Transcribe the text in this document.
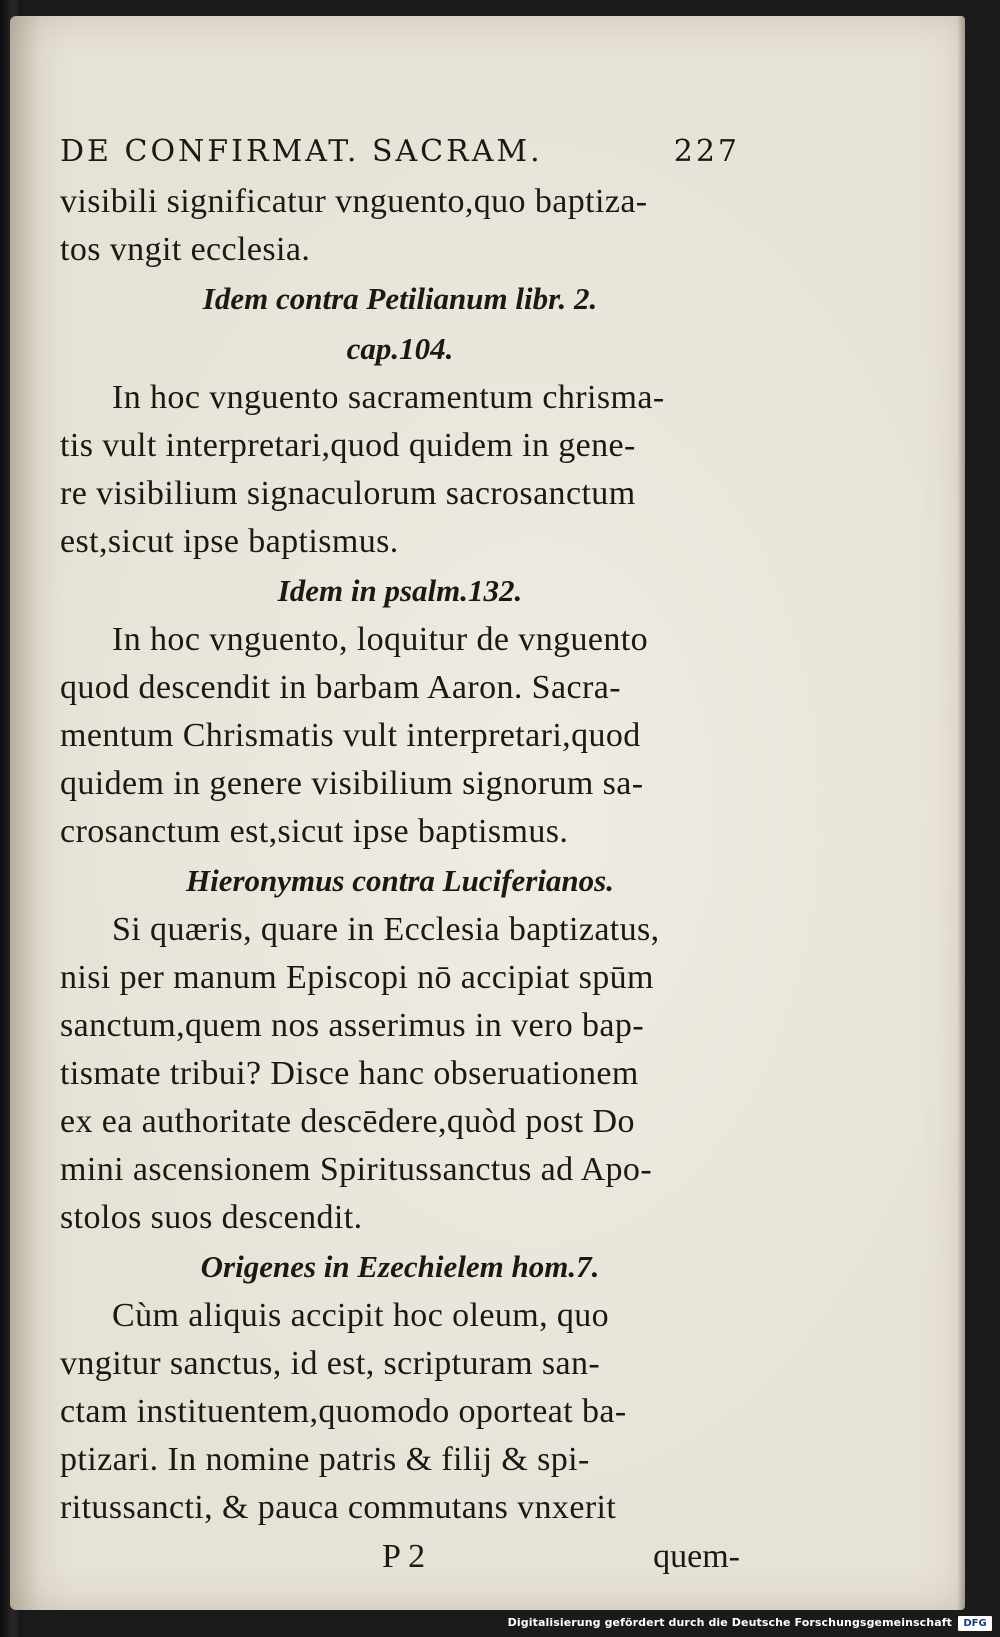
DE CONFIRMAT. SACRAM.	227
visibili significatur vnguento,quo baptiza-
tos vngit ecclesia.
Idem contra Petilianum libr. 2.
cap.104.
In hoc vnguento sacramentum chrisma-
tis vult interpretari,quod quidem in gene-
re visibilium signaculorum sacrosanctum
est,sicut ipse baptismus.
Idem in psalm.132.
In hoc vnguento, loquitur de vnguento
quod descendit in barbam Aaron. Sacra-
mentum Chrismatis vult interpretari,quod
quidem in genere visibilium signorum sa-
crosanctum est,sicut ipse baptismus.
Hieronymus contra Luciferianos.
Si quæris, quare in Ecclesia baptizatus,
nisi per manum Episcopi nō accipiat spūm
sanctum,quem nos asserimus in vero bap-
tismate tribui? Disce hanc obseruationem
ex ea authoritate descēdere,quòd post Do
mini ascensionem Spiritussanctus ad Apo-
stolos suos descendit.
Origenes in Ezechielem hom.7.
Cùm aliquis accipit hoc oleum, quo
vngitur sanctus, id est, scripturam san-
ctam instituentem,quomodo oporteat ba-
ptizari. In nomine patris & filij & spi-
ritussancti, & pauca commutans vnxerit
P 2	quem-
Digitalisierung gefördert durch die Deutsche Forschungsgemeinschaft	DFG
